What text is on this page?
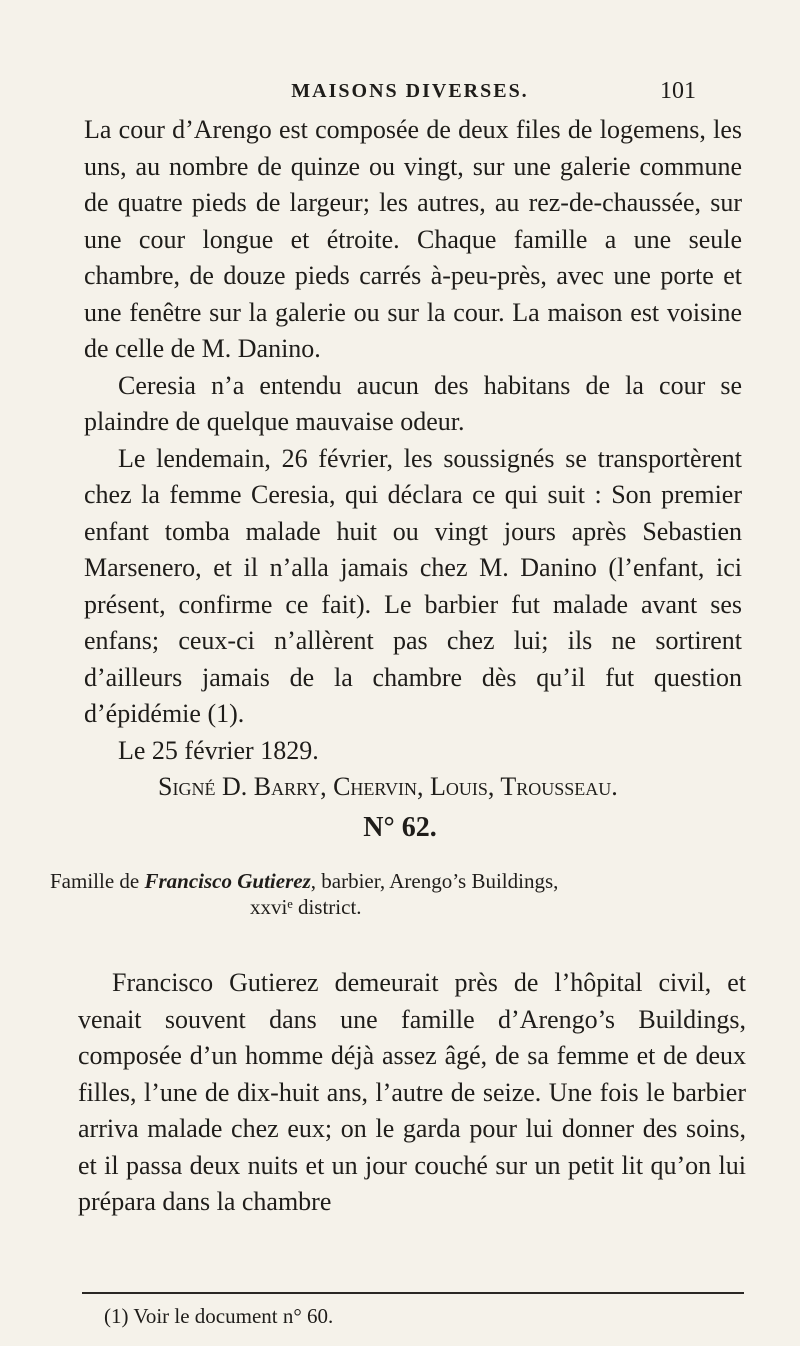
MAISONS DIVERSES.	101

La cour d’Arengo est composée de deux files de logemens, les uns, au nombre de quinze ou vingt, sur une galerie commune de quatre pieds de largeur; les autres, au rez-de-chaussée, sur une cour longue et étroite. Chaque famille a une seule chambre, de douze pieds carrés à-peu-près, avec une porte et une fenêtre sur la galerie ou sur la cour. La maison est voisine de celle de M. Danino.

Ceresia n’a entendu aucun des habitans de la cour se plaindre de quelque mauvaise odeur.

Le lendemain, 26 février, les soussignés se transportèrent chez la femme Ceresia, qui déclara ce qui suit : Son premier enfant tomba malade huit ou vingt jours après Sebastien Marsenero, et il n’alla jamais chez M. Danino (l’enfant, ici présent, confirme ce fait). Le barbier fut malade avant ses enfans; ceux-ci n’allèrent pas chez lui; ils ne sortirent d’ailleurs jamais de la chambre dès qu’il fut question d’épidémie (1).

Le 25 février 1829.
Signé D. Barry, Chervin, Louis, Trousseau.
N° 62.
Famille de Francisco Gutierez, barbier, Arengo’s Buildings,
xxviᵉ district.

Francisco Gutierez demeurait près de l’hôpital civil, et venait souvent dans une famille d’Arengo’s Buildings, composée d’un homme déjà assez âgé, de sa femme et de deux filles, l’une de dix-huit ans, l’autre de seize. Une fois le barbier arriva malade chez eux; on le garda pour lui donner des soins, et il passa deux nuits et un jour couché sur un petit lit qu’on lui prépara dans la chambre

(1) Voir le document n° 60.
